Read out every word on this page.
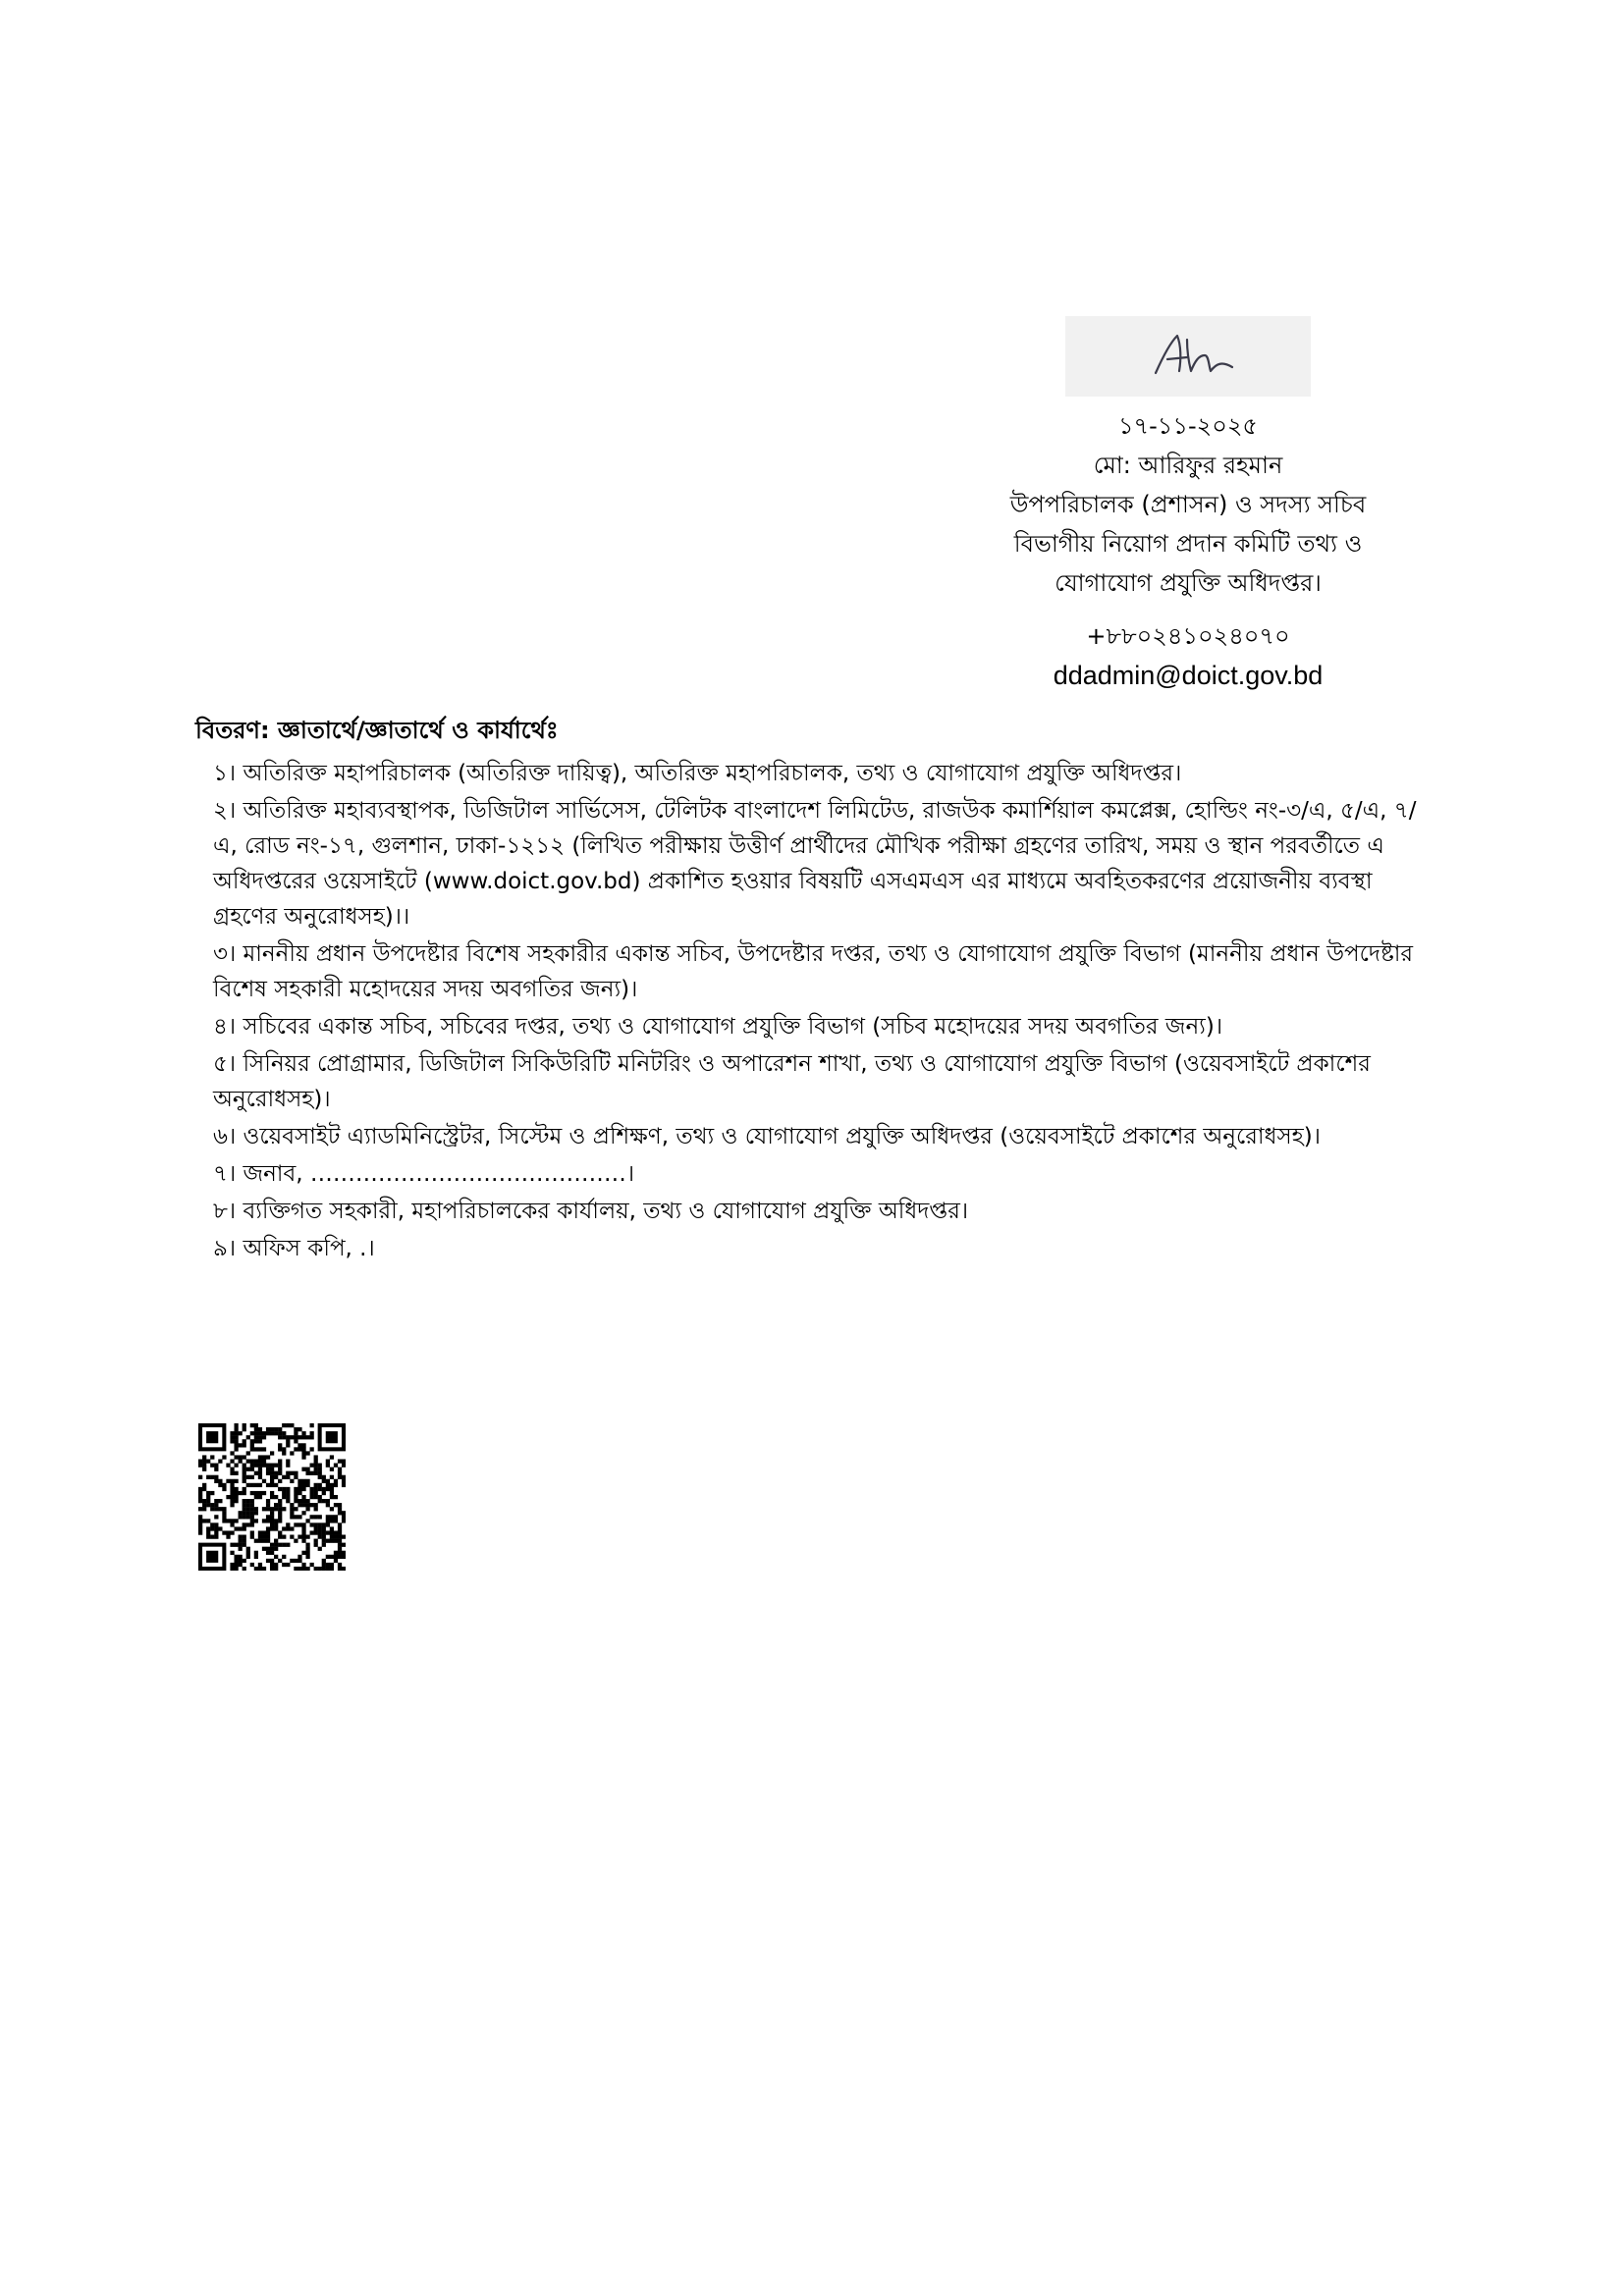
১৭-১১-২০২৫
মো: আরিফুর রহমান
উপপরিচালক (প্রশাসন) ও সদস্য সচিব
বিভাগীয় নিয়োগ প্রদান কমিটি তথ্য ও
যোগাযোগ প্রযুক্তি অধিদপ্তর।
+৮৮০২৪১০২৪০৭০
ddadmin@doict.gov.bd
বিতরণ: জ্ঞাতার্থে/জ্ঞাতার্থে ও কার্যার্থেঃ
১। অতিরিক্ত মহাপরিচালক (অতিরিক্ত দায়িত্ব), অতিরিক্ত মহাপরিচালক, তথ্য ও যোগাযোগ প্রযুক্তি অধিদপ্তর।
২। অতিরিক্ত মহাব্যবস্থাপক, ডিজিটাল সার্ভিসেস, টেলিটক বাংলাদেশ লিমিটেড, রাজউক কমার্শিয়াল কমপ্লেক্স, হোল্ডিং নং-৩/এ, ৫/এ, ৭/এ, রোড নং-১৭, গুলশান, ঢাকা-১২১২ (লিখিত পরীক্ষায় উত্তীর্ণ প্রার্থীদের মৌখিক পরীক্ষা গ্রহণের তারিখ, সময় ও স্থান পরবর্তীতে এ অধিদপ্তরের ওয়েসাইটে (www.doict.gov.bd) প্রকাশিত হওয়ার বিষয়টি এসএমএস এর মাধ্যমে অবহিতকরণের প্রয়োজনীয় ব্যবস্থা গ্রহণের অনুরোধসহ)।।
৩। মাননীয় প্রধান উপদেষ্টার বিশেষ সহকারীর একান্ত সচিব, উপদেষ্টার দপ্তর, তথ্য ও যোগাযোগ প্রযুক্তি বিভাগ (মাননীয় প্রধান উপদেষ্টার বিশেষ সহকারী মহোদয়ের সদয় অবগতির জন্য)।
৪। সচিবের একান্ত সচিব, সচিবের দপ্তর, তথ্য ও যোগাযোগ প্রযুক্তি বিভাগ (সচিব মহোদয়ের সদয় অবগতির জন্য)।
৫। সিনিয়র প্রোগ্রামার, ডিজিটাল সিকিউরিটি মনিটরিং ও অপারেশন শাখা, তথ্য ও যোগাযোগ প্রযুক্তি বিভাগ (ওয়েবসাইটে প্রকাশের অনুরোধসহ)।
৬। ওয়েবসাইট এ্যাডমিনিস্ট্রেটর, সিস্টেম ও প্রশিক্ষণ, তথ্য ও যোগাযোগ প্রযুক্তি অধিদপ্তর (ওয়েবসাইটে প্রকাশের অনুরোধসহ)।
৭। জনাব, ……………………………………।
৮। ব্যক্তিগত সহকারী, মহাপরিচালকের কার্যালয়, তথ্য ও যোগাযোগ প্রযুক্তি অধিদপ্তর।
৯। অফিস কপি, .।
